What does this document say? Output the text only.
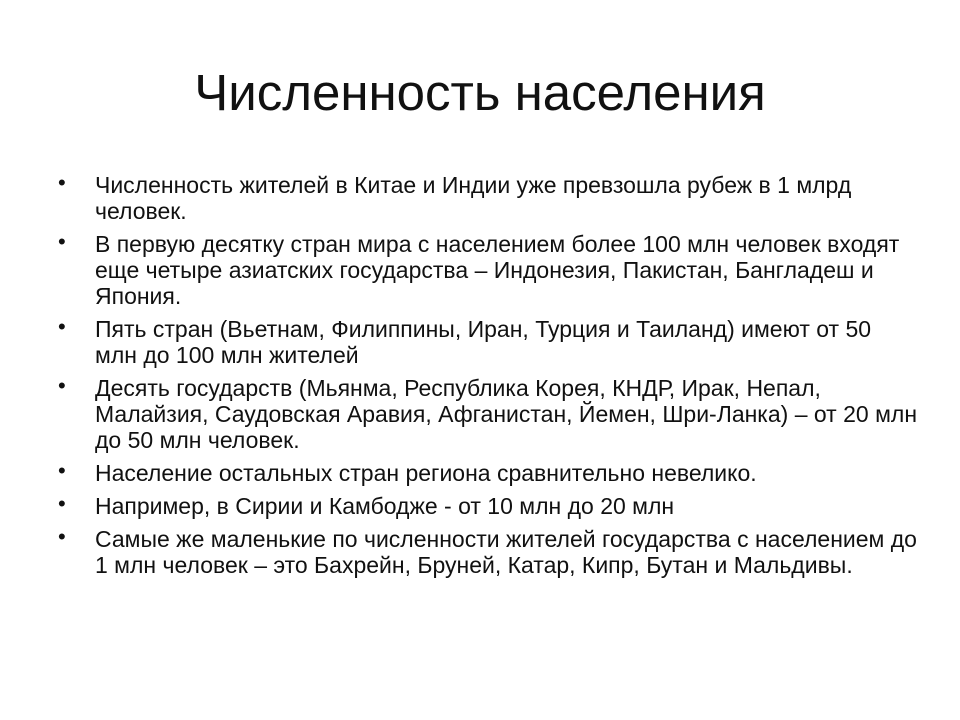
Численность населения
• Численность жителей в Китае и Индии уже превзошла рубеж в 1 млрд человек.
• В первую десятку стран мира с населением более 100 млн человек входят еще четыре азиатских государства – Индонезия, Пакистан, Бангладеш и Япония.
• Пять стран (Вьетнам, Филиппины, Иран, Турция и Таиланд) имеют от 50 млн до 100 млн жителей
• Десять государств (Мьянма, Республика Корея, КНДР, Ирак, Непал, Малайзия, Саудовская Аравия, Афганистан, Йемен, Шри-Ланка) – от 20 млн до 50 млн человек.
• Население остальных стран региона сравнительно невелико.
• Например, в Сирии и Камбодже - от 10 млн до 20 млн
• Самые же маленькие по численности жителей государства с населением до 1 млн человек – это Бахрейн, Бруней, Катар, Кипр, Бутан и Мальдивы.
